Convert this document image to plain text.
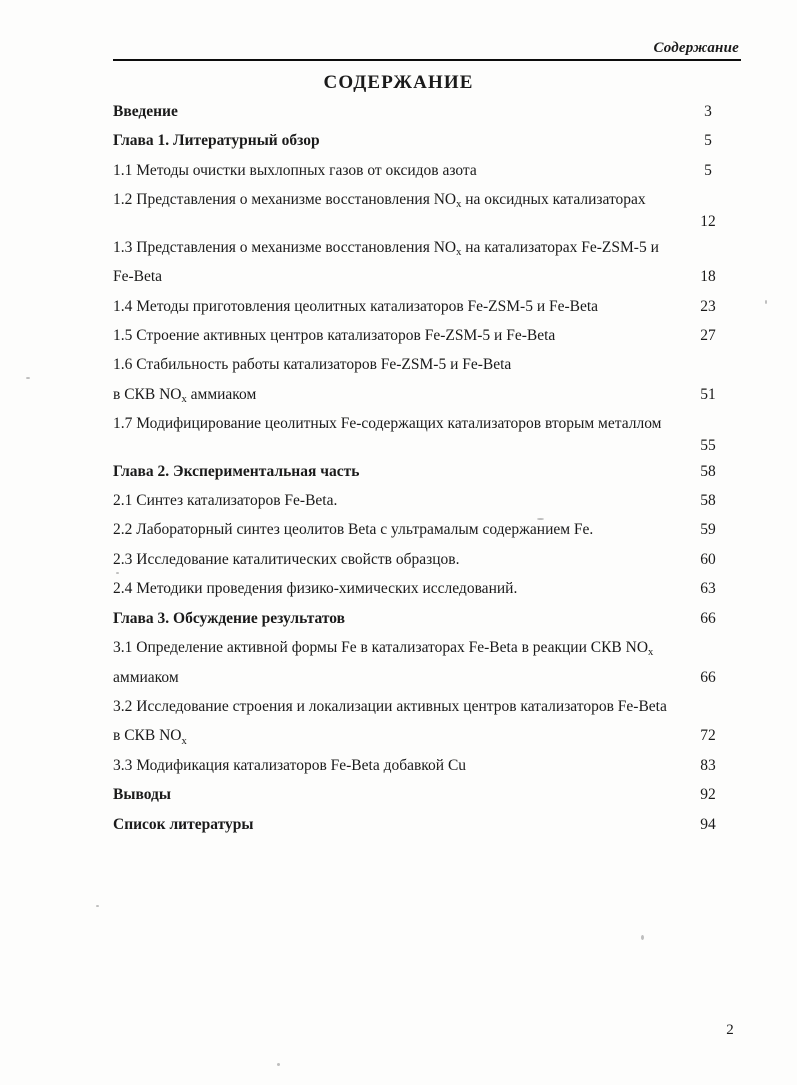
Содержание
СОДЕРЖАНИЕ
Введение	3
Глава 1. Литературный обзор	5
1.1 Методы очистки выхлопных газов от оксидов азота	5
1.2 Представления о механизме восстановления $NO_x$ на оксидных катализаторах
12
1.3 Представления о механизме восстановления $NO_x$ на катализаторах Fe-ZSM-5 и
Fe-Beta	18
1.4 Методы приготовления цеолитных катализаторов Fe-ZSM-5 и Fe-Beta	23
1.5 Строение активных центров катализаторов Fe-ZSM-5 и Fe-Beta	27
1.6 Стабильность работы катализаторов Fe-ZSM-5 и Fe-Beta
в СКВ $NO_x$ аммиаком	51
1.7 Модифицирование цеолитных Fe-содержащих катализаторов вторым металлом
55
Глава 2. Экспериментальная часть	58
2.1 Синтез катализаторов Fe-Beta.	58
2.2 Лабораторный синтез цеолитов Beta с ультрамалым содержанием Fe.	59
2.3 Исследование каталитических свойств образцов.	60
2.4 Методики проведения физико-химических исследований.	63
Глава 3. Обсуждение результатов	66
3.1 Определение активной формы Fe в катализаторах Fe-Beta в реакции СКВ $NO_x$
аммиаком	66
3.2 Исследование строения и локализации активных центров катализаторов Fe-Beta
в СКВ $NO_x$	72
3.3 Модификация катализаторов Fe-Beta добавкой Cu	83
Выводы	92
Список литературы	94
2
